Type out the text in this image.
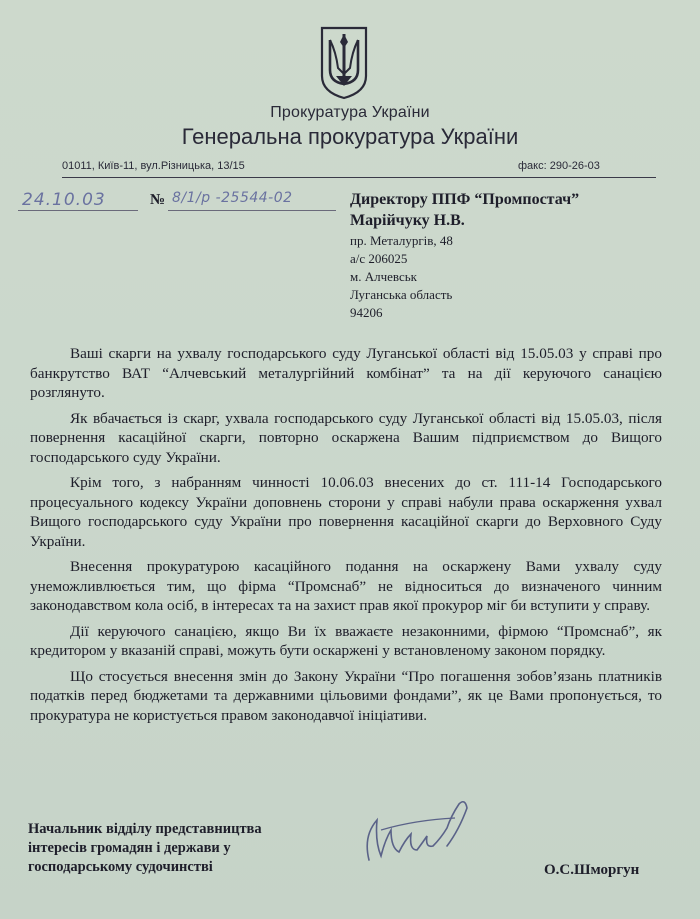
Прокуратура України
Генеральна прокуратура України
01011, Київ-11, вул.Різницька, 13/15	факс: 290-26-03
24.10.03	№ 8/1/р -25544-02	Директору ППФ “Промпостач”
Марійчуку Н.В.
пр. Металургів, 48
а/с 206025
м. Алчевськ
Луганська область
94206

Ваші скарги на ухвалу господарського суду Луганської області від 15.05.03 у справі про банкрутство ВАТ “Алчевський металургійний комбінат” та на дії керуючого санацією розглянуто.

Як вбачається із скарг, ухвала господарського суду Луганської області від 15.05.03, після повернення касаційної скарги, повторно оскаржена Вашим підприємством до Вищого господарського суду України.

Крім того, з набранням чинності 10.06.03 внесених до ст. 111-14 Господарського процесуального кодексу України доповнень сторони у справі набули права оскарження ухвал Вищого господарського суду України про повернення касаційної скарги до Верховного Суду України.

Внесення прокуратурою касаційного подання на оскаржену Вами ухвалу суду унеможливлюється тим, що фірма “Промснаб” не відноситься до визначеного чинним законодавством кола осіб, в інтересах та на захист прав якої прокурор міг би вступити у справу.

Дії керуючого санацією, якщо Ви їх вважаєте незаконними, фірмою “Промснаб”, як кредитором у вказаній справі, можуть бути оскаржені у встановленому законом порядку.

Що стосується внесення змін до Закону України “Про погашення зобов’язань платників податків перед бюджетами та державними цільовими фондами”, як це Вами пропонується, то прокуратура не користується правом законодавчої ініціативи.

Начальник відділу представництва
інтересів громадян і держави у
господарському судочинстві	О.С.Шморгун
